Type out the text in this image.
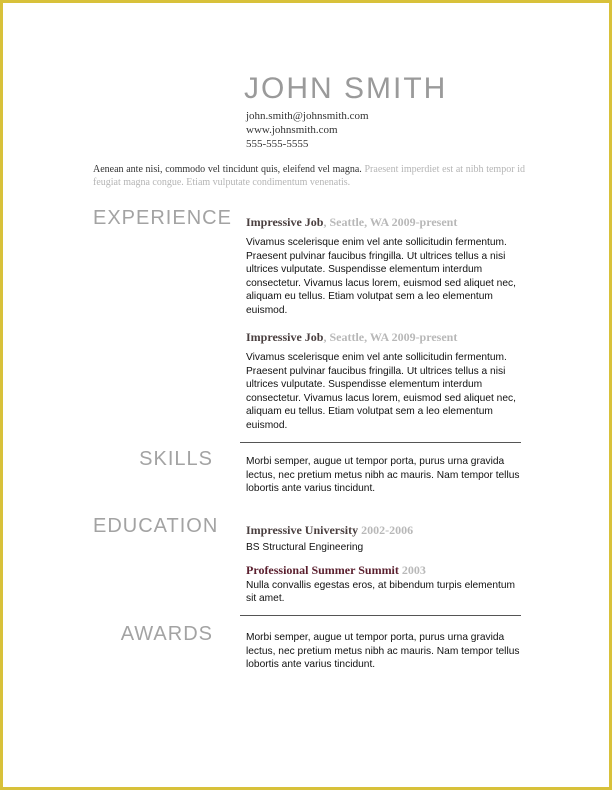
JOHN SMITH
john.smith@johnsmith.com
www.johnsmith.com
555-555-5555
Aenean ante nisi, commodo vel tincidunt quis, eleifend vel magna. Praesent imperdiet est at nibh tempor id feugiat magna congue. Etiam vulputate condimentum venenatis.
EXPERIENCE Impressive Job, Seattle, WA 2009-present
Vivamus scelerisque enim vel ante sollicitudin fermentum. Praesent pulvinar faucibus fringilla. Ut ultrices tellus a nisi ultrices vulputate. Suspendisse elementum interdum consectetur. Vivamus lacus lorem, euismod sed aliquet nec, aliquam eu tellus. Etiam volutpat sem a leo elementum euismod.
Impressive Job, Seattle, WA 2009-present
Vivamus scelerisque enim vel ante sollicitudin fermentum. Praesent pulvinar faucibus fringilla. Ut ultrices tellus a nisi ultrices vulputate. Suspendisse elementum interdum consectetur. Vivamus lacus lorem, euismod sed aliquet nec, aliquam eu tellus. Etiam volutpat sem a leo elementum euismod.
SKILLS	Morbi semper, augue ut tempor porta, purus urna gravida lectus, nec pretium metus nibh ac mauris. Nam tempor tellus lobortis ante varius tincidunt.
EDUCATION Impressive University 2002-2006
BS Structural Engineering
Professional Summer Summit 2003
Nulla convallis egestas eros, at bibendum turpis elementum sit amet.
AWARDS	Morbi semper, augue ut tempor porta, purus urna gravida lectus, nec pretium metus nibh ac mauris. Nam tempor tellus lobortis ante varius tincidunt.
